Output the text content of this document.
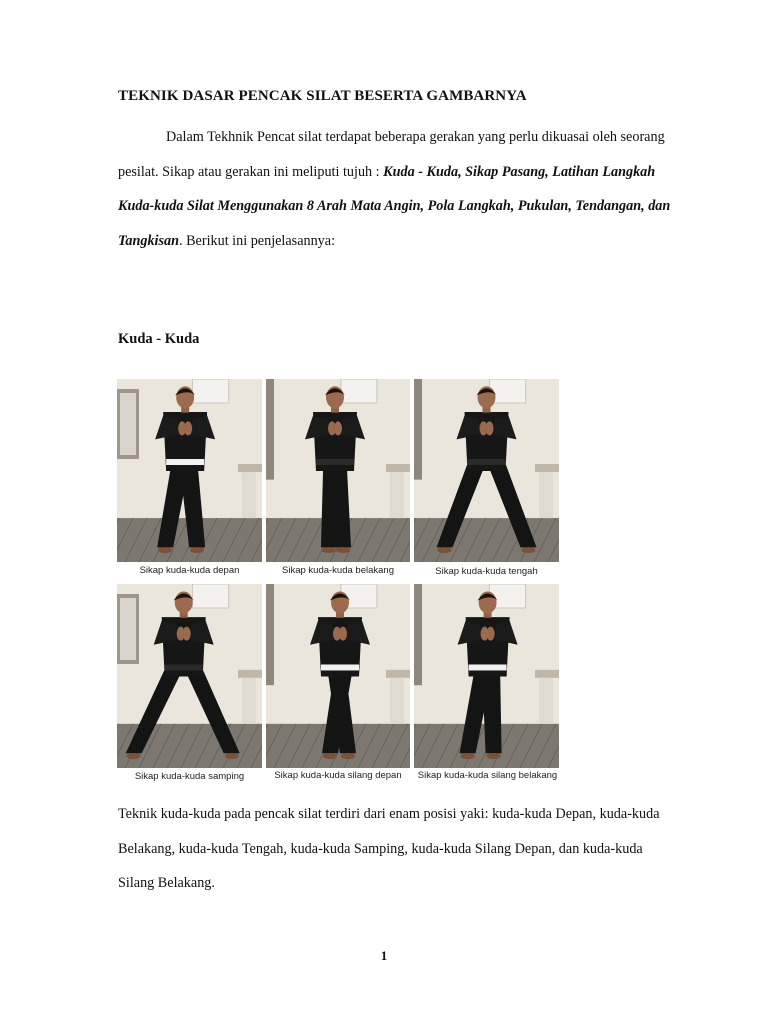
TEKNIK DASAR PENCAK SILAT BESERTA GAMBARNYA

Dalam Tekhnik Pencat silat terdapat beberapa gerakan yang perlu dikuasai oleh seorang pesilat. Sikap atau gerakan ini meliputi tujuh : Kuda - Kuda, Sikap Pasang, Latihan Langkah Kuda-kuda Silat Menggunakan 8 Arah Mata Angin, Pola Langkah, Pukulan, Tendangan, dan Tangkisan. Berikut ini penjelasannya:

Kuda - Kuda
Sikap kuda-kuda depan	Sikap kuda-kuda belakang	Sikap kuda-kuda tengah
Sikap kuda-kuda samping	Sikap kuda-kuda silang depan	Sikap kuda-kuda silang belakang

Teknik kuda-kuda pada pencak silat terdiri dari enam posisi yaki: kuda-kuda Depan, kuda-kuda Belakang, kuda-kuda Tengah, kuda-kuda Samping, kuda-kuda Silang Depan, dan kuda-kuda Silang Belakang.

1
